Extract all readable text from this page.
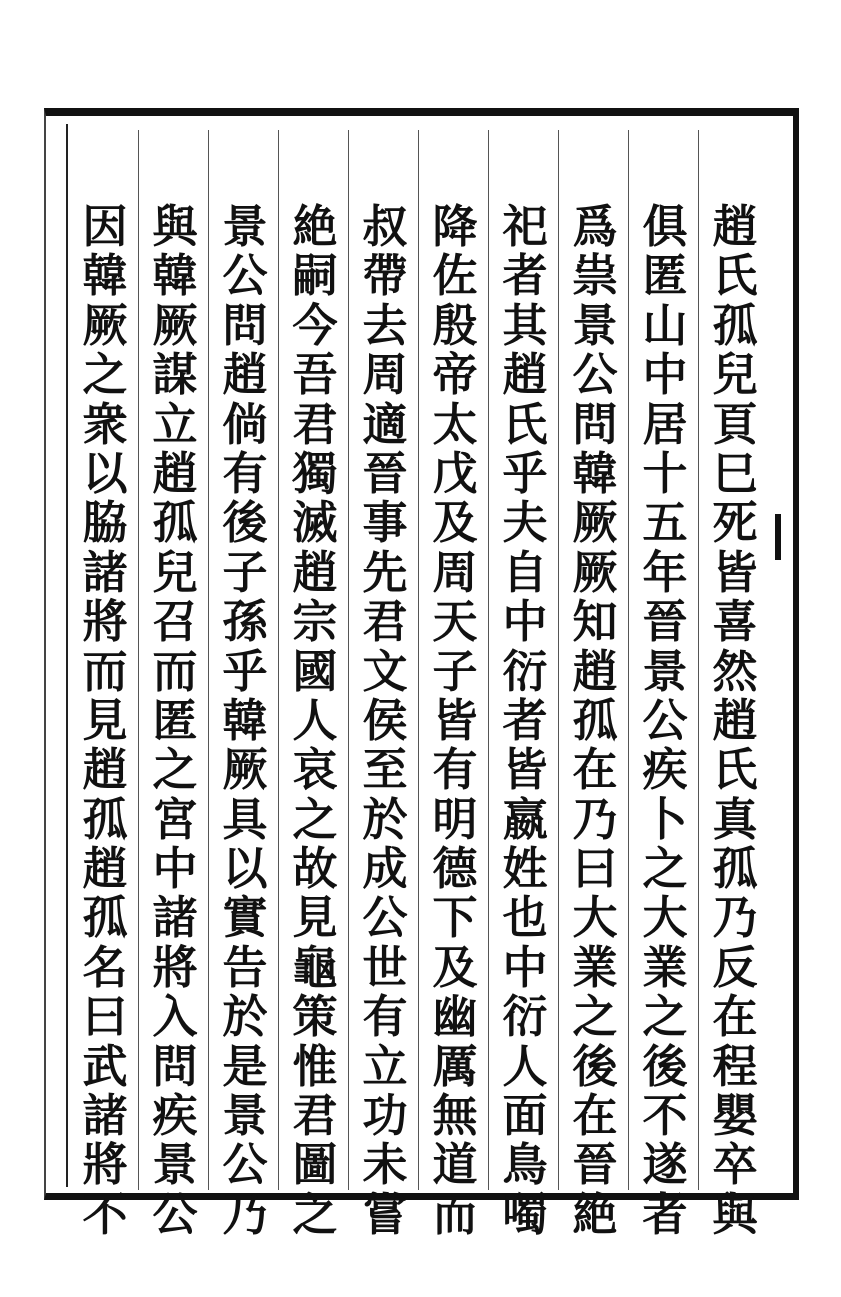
趙
氏
孤
兒
頁
巳
死
皆
喜
然
趙
氏
真
孤
乃
反
在
程
嬰
卒
與
俱
匿
山
中
居
十
五
年
晉
景
公
疾
卜
之
大
業
之
後
不
遂
者
爲
祟
景
公
問
韓
厥
厥
知
趙
孤
在
乃
曰
大
業
之
後
在
晉
絶
祀
者
其
趙
氏
乎
夫
自
中
衍
者
皆
嬴
姓
也
中
衍
人
面
鳥
噣
降
佐
殷
帝
太
戊
及
周
天
子
皆
有
明
德
下
及
幽
厲
無
道
而
叔
帶
去
周
適
晉
事
先
君
文
侯
至
於
成
公
世
有
立
功
未
嘗
絶
嗣
今
吾
君
獨
滅
趙
宗
國
人
哀
之
故
見
龜
策
惟
君
圖
之
景
公
問
趙
倘
有
後
子
孫
乎
韓
厥
具
以
實
告
於
是
景
公
乃
與
韓
厥
謀
立
趙
孤
兒
召
而
匿
之
宮
中
諸
將
入
問
疾
景
公
因
韓
厥
之
衆
以
脇
諸
將
而
見
趙
孤
趙
孤
名
曰
武
諸
將
不
